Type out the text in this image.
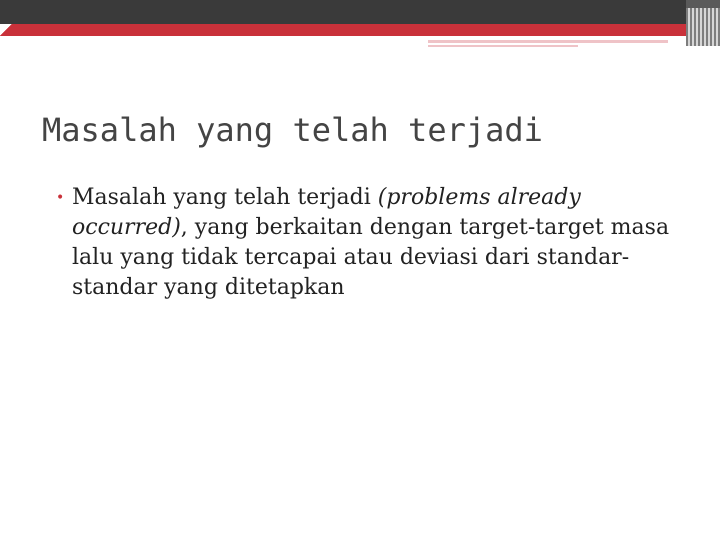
Masalah yang telah terjadi
• Masalah yang telah terjadi (problems already occurred), yang berkaitan dengan target-target masa lalu yang tidak tercapai atau deviasi dari standar-standar yang ditetapkan
